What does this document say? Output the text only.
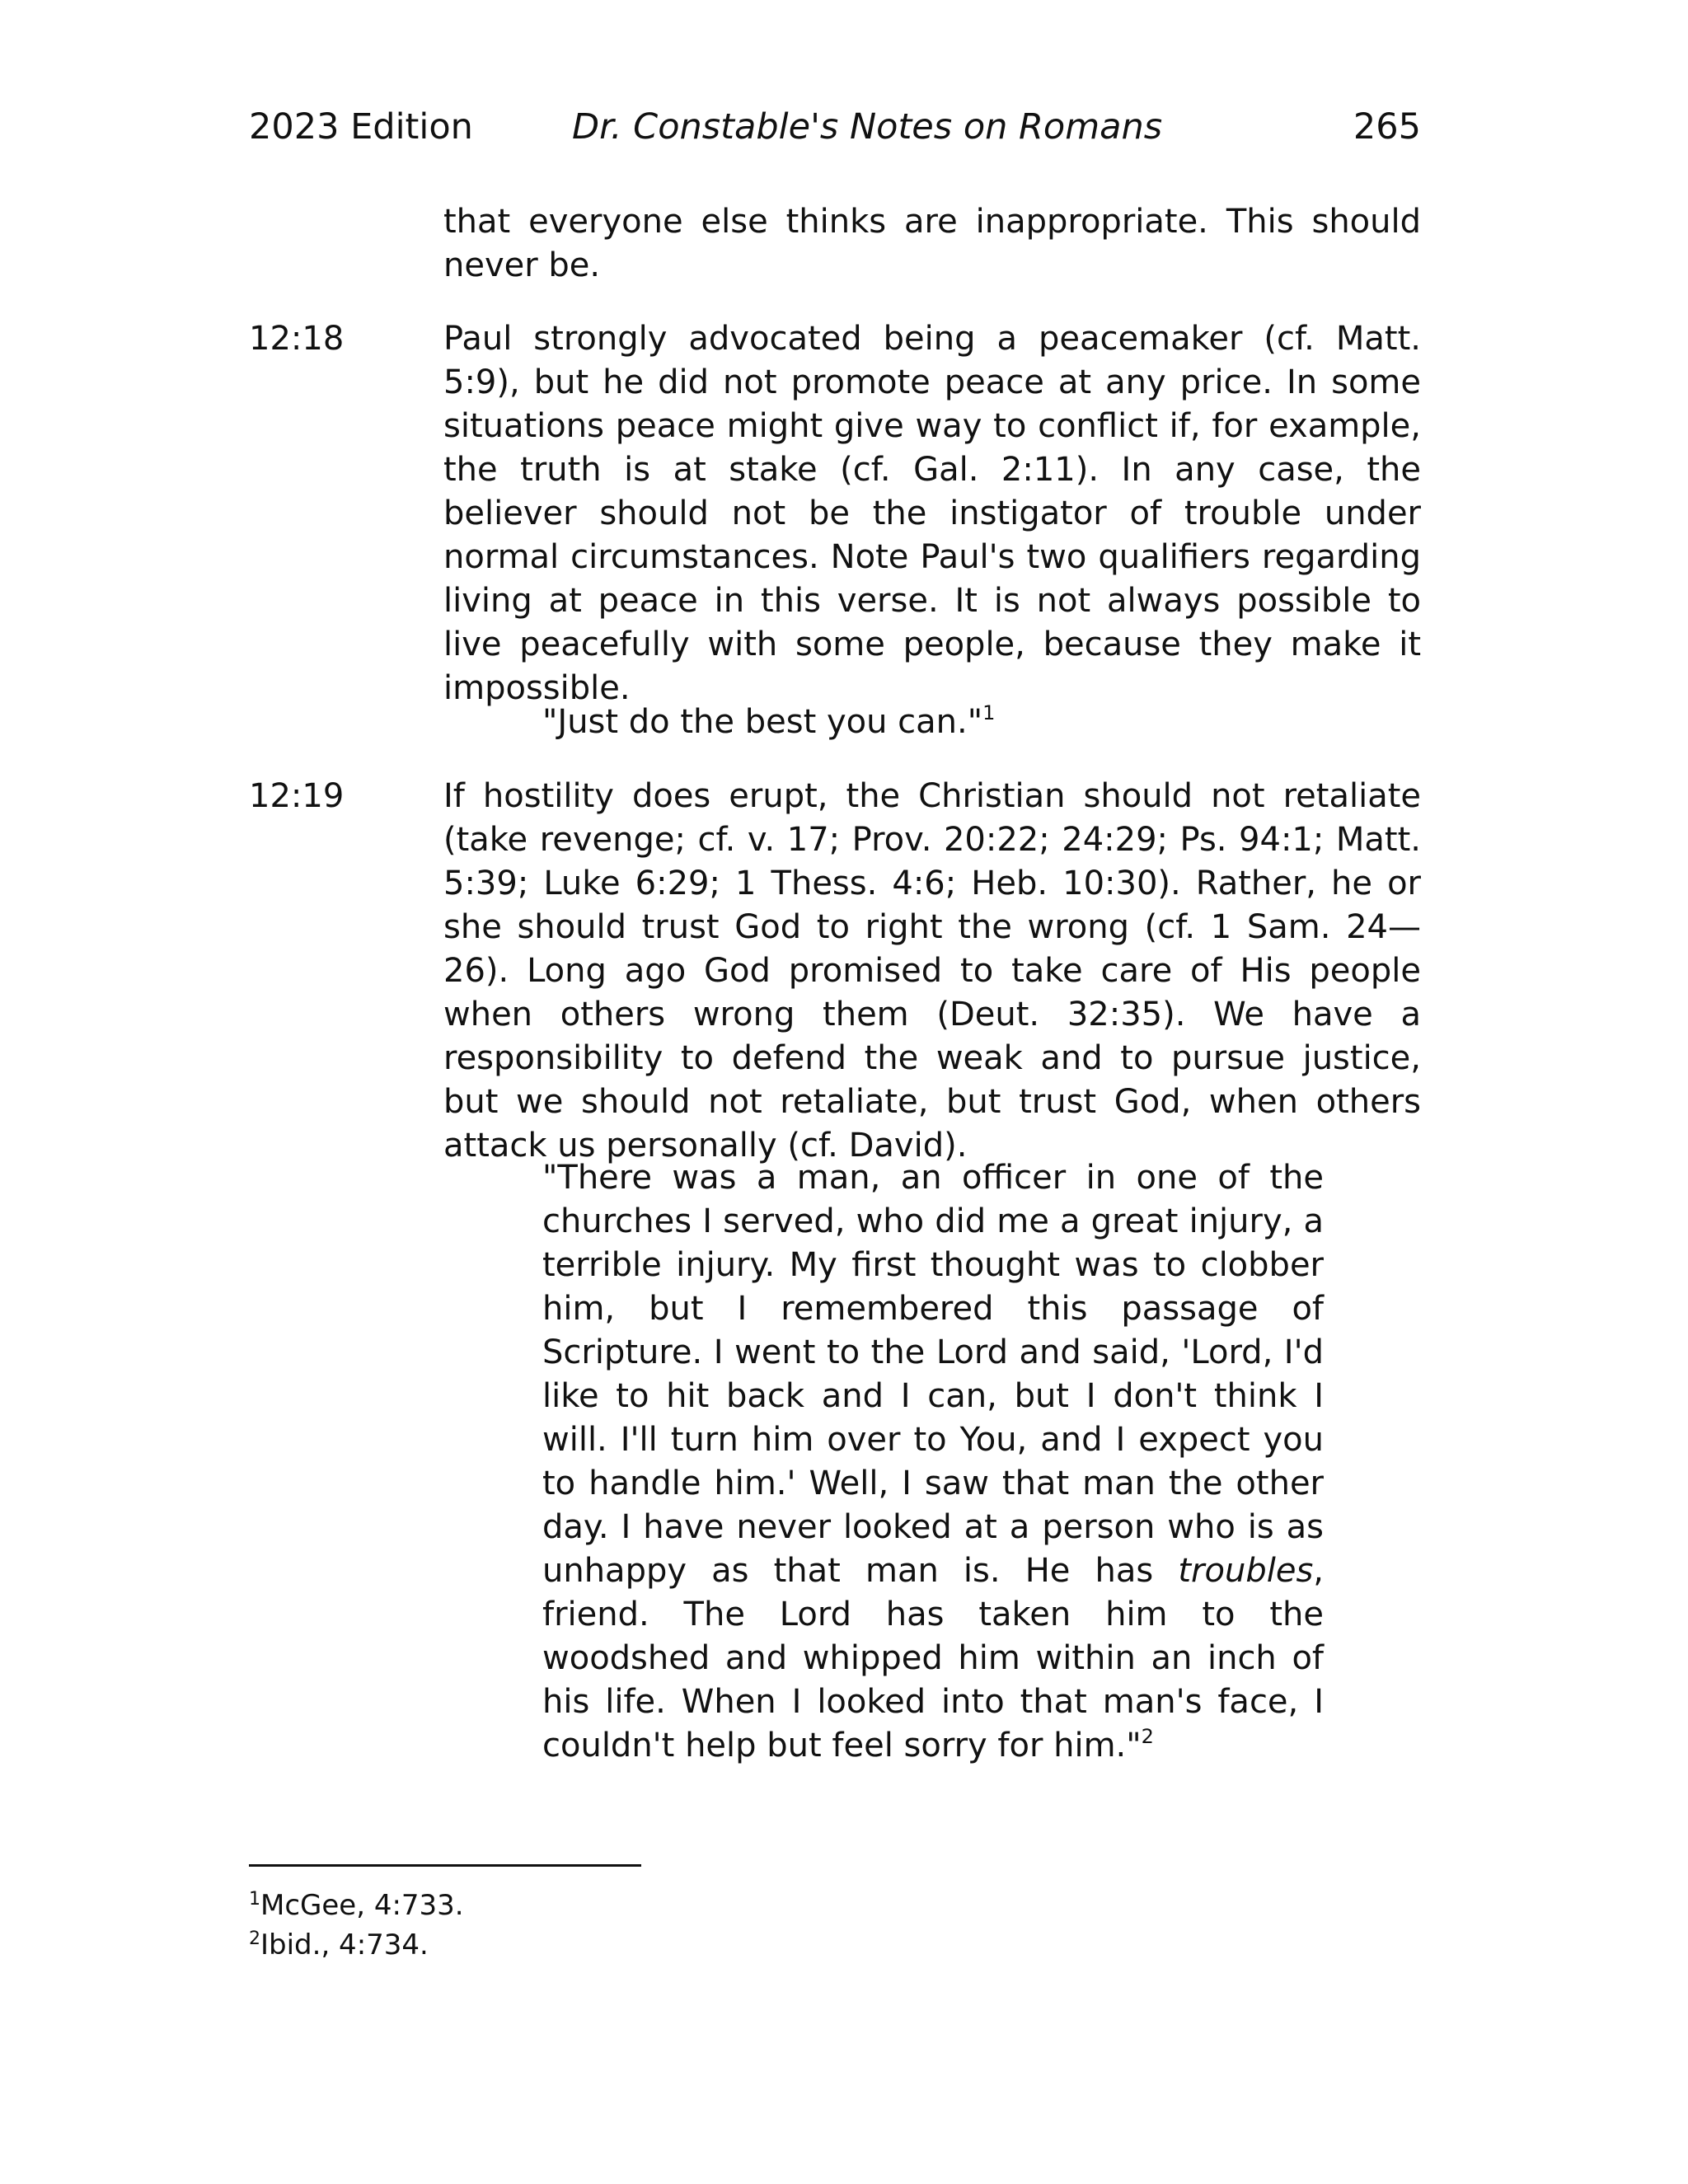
2023 Edition	Dr. Constable's Notes on Romans	265
that everyone else thinks are inappropriate. This should never be.
12:18	Paul strongly advocated being a peacemaker (cf. Matt. 5:9), but he did not promote peace at any price. In some situations peace might give way to conflict if, for example, the truth is at stake (cf. Gal. 2:11). In any case, the believer should not be the instigator of trouble under normal circumstances. Note Paul's two qualifiers regarding living at peace in this verse. It is not always possible to live peacefully with some people, because they make it impossible.
"Just do the best you can."$^1$
12:19	If hostility does erupt, the Christian should not retaliate (take revenge; cf. v. 17; Prov. 20:22; 24:29; Ps. 94:1; Matt. 5:39; Luke 6:29; 1 Thess. 4:6; Heb. 10:30). Rather, he or she should trust God to right the wrong (cf. 1 Sam. 24—26). Long ago God promised to take care of His people when others wrong them (Deut. 32:35). We have a responsibility to defend the weak and to pursue justice, but we should not retaliate, but trust God, when others attack us personally (cf. David).
"There was a man, an officer in one of the churches I served, who did me a great injury, a terrible injury. My first thought was to clobber him, but I remembered this passage of Scripture. I went to the Lord and said, 'Lord, I'd like to hit back and I can, but I don't think I will. I'll turn him over to You, and I expect you to handle him.' Well, I saw that man the other day. I have never looked at a person who is as unhappy as that man is. He has troubles, friend. The Lord has taken him to the woodshed and whipped him within an inch of his life. When I looked into that man's face, I couldn't help but feel sorry for him."$^2$
$^1$McGee, 4:733.
$^2$Ibid., 4:734.
